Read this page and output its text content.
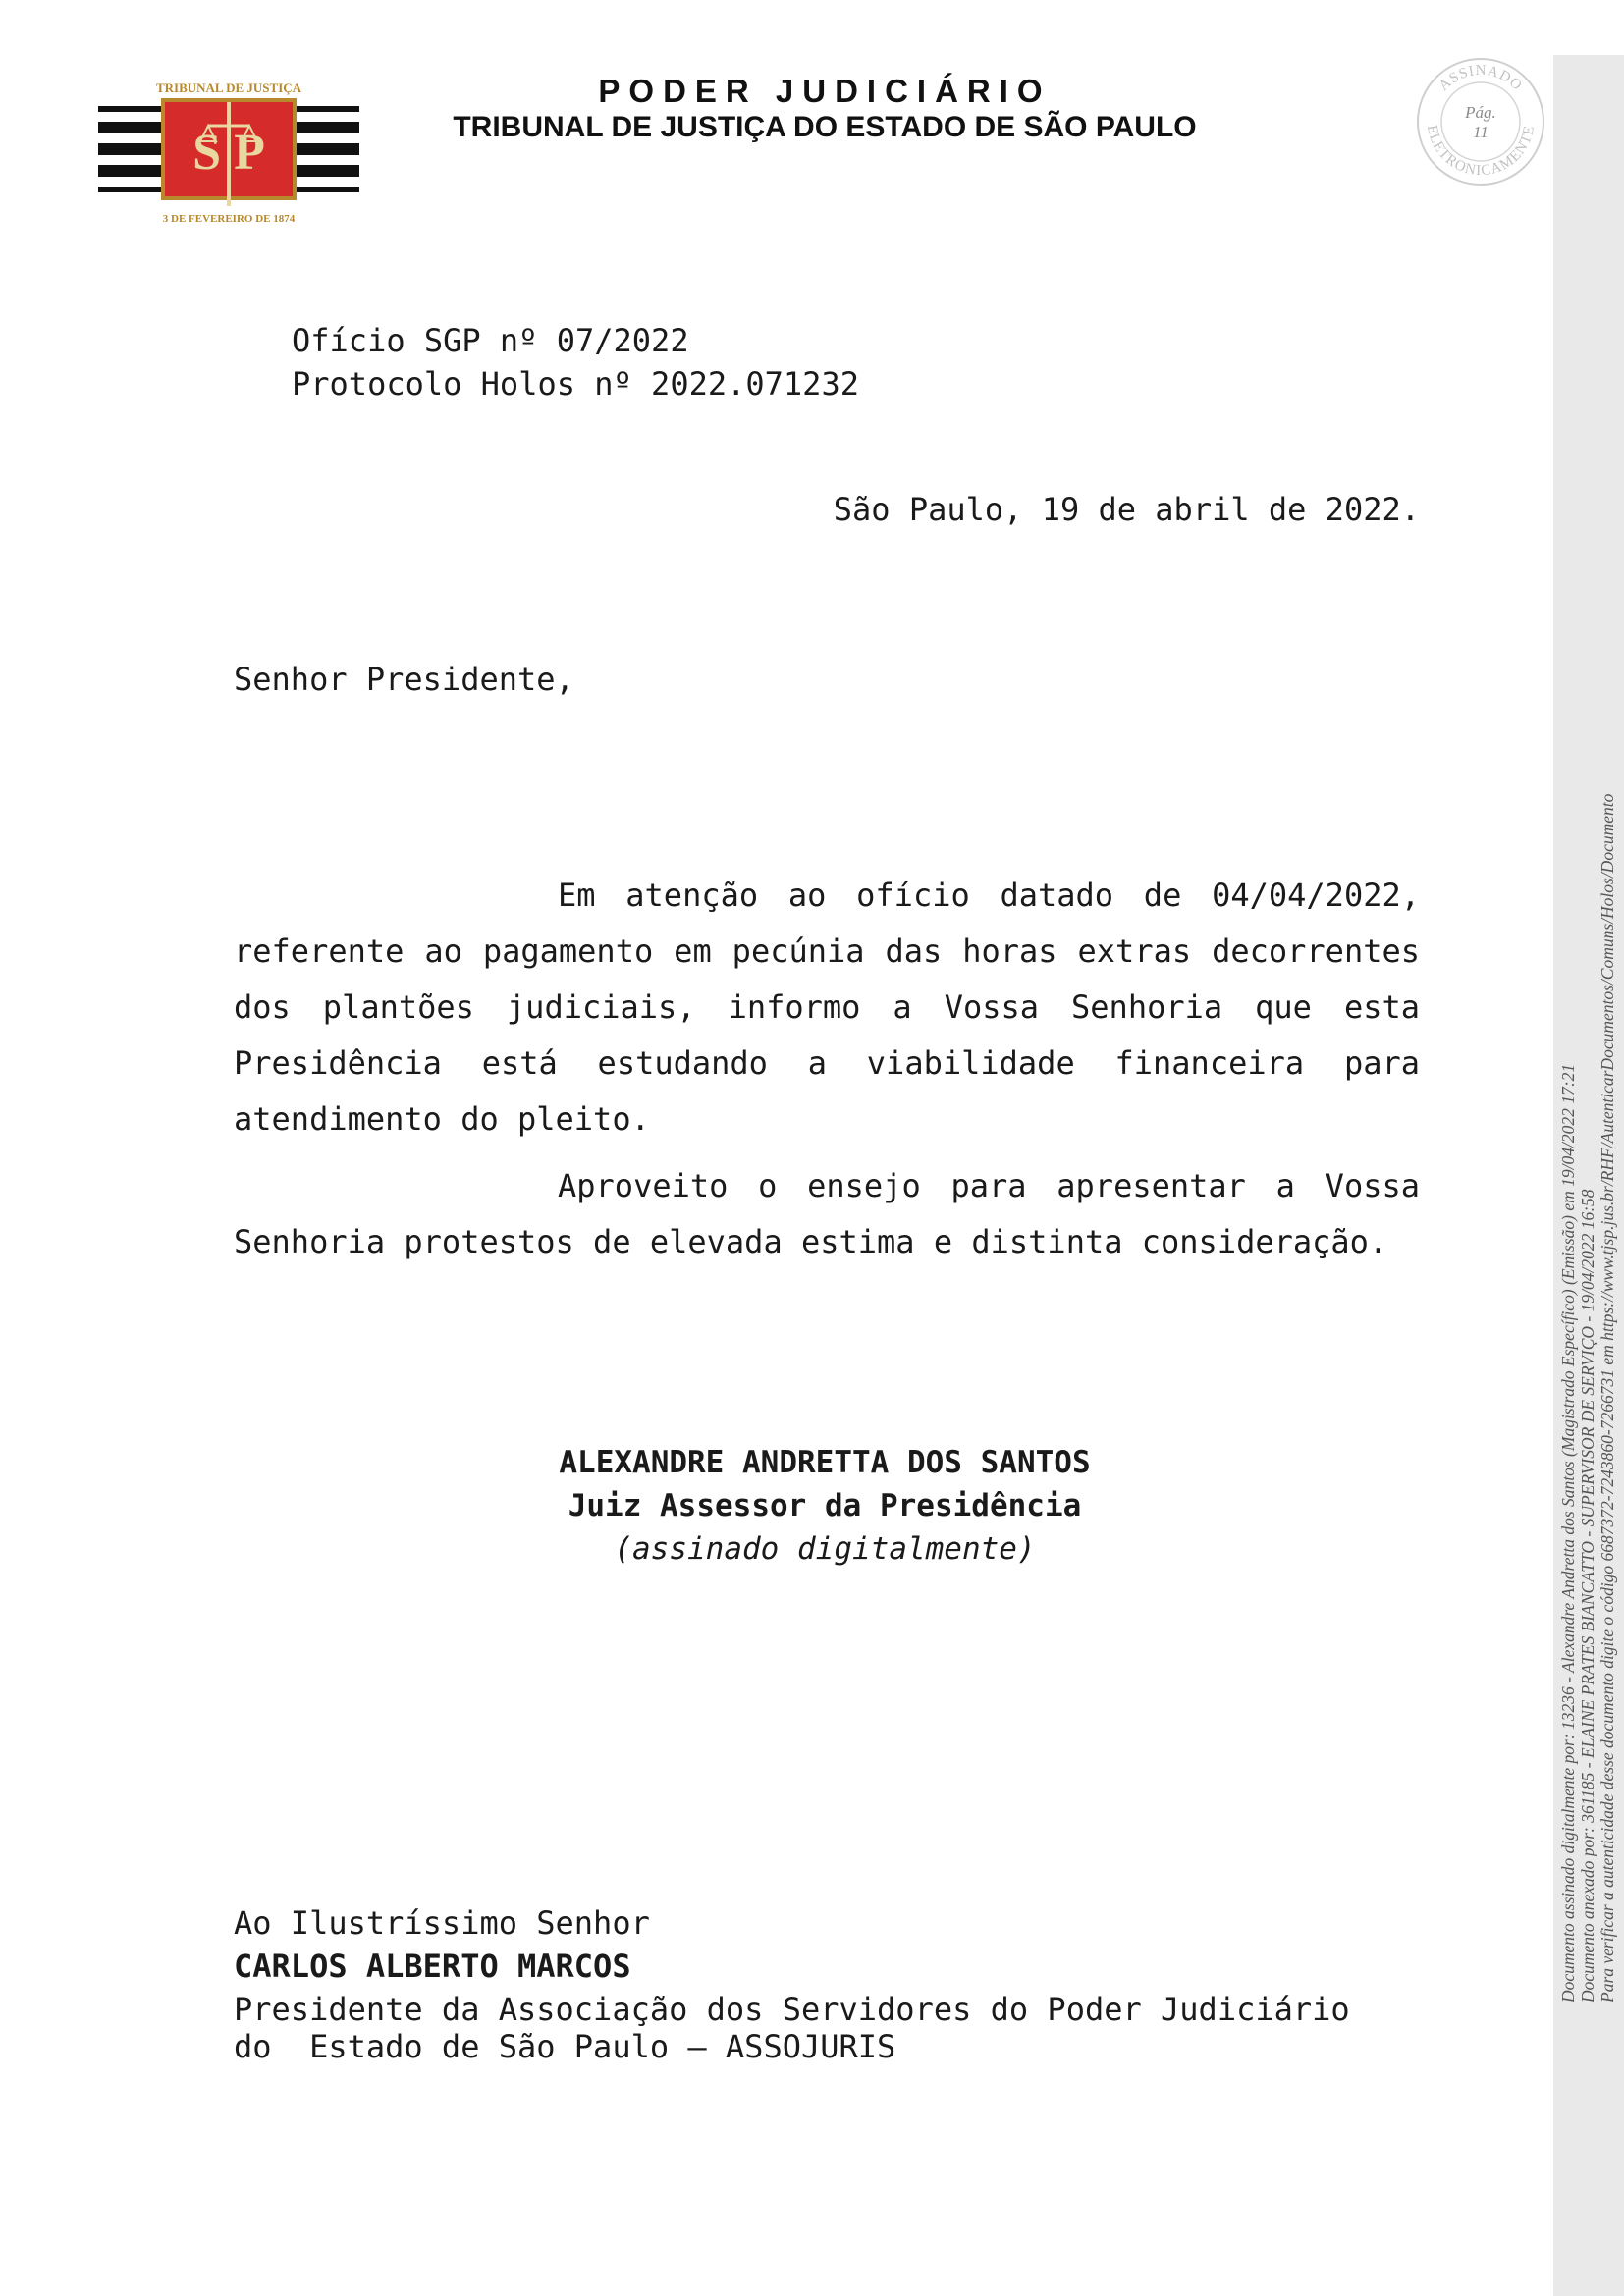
S P
TRIBUNAL DE JUSTIÇA
3 DE FEVEREIRO DE 1874
PODER JUDICIÁRIO
TRIBUNAL DE JUSTIÇA DO ESTADO DE SÃO PAULO
ASSINADO
ELETRONICAMENTE
Pág.
11
Documento assinado digitalmente por: 13236 - Alexandre Andretta dos Santos (Magistrado Específico) (Emissão) em 19/04/2022 17:21 Documento anexado por: 361185 - ELAINE PRATES BIANCATTO - SUPERVISOR DE SERVIÇO - 19/04/2022 16:58 Para verificar a autenticidade desse documento digite o código 6687372-7243860-7266731 em https://www.tjsp.jus.br/RHF/AutenticarDocumentos/Comuns/Holos/Documento
Ofício SGP nº 07/2022
Protocolo Holos nº 2022.071232
São Paulo, 19 de abril de 2022.
Senhor Presidente,
Em atenção ao ofício datado de 04/04/2022, referente ao pagamento em pecúnia das horas extras decorrentes dos plantões judiciais, informo a Vossa Senhoria que esta Presidência está estudando a viabilidade financeira para atendimento do pleito.
Aproveito o ensejo para apresentar a Vossa Senhoria protestos de elevada estima e distinta consideração.
ALEXANDRE ANDRETTA DOS SANTOS
Juiz Assessor da Presidência
(assinado digitalmente)
Ao Ilustríssimo Senhor
CARLOS ALBERTO MARCOS
Presidente da Associação dos Servidores do Poder Judiciário
do  Estado de São Paulo – ASSOJURIS
